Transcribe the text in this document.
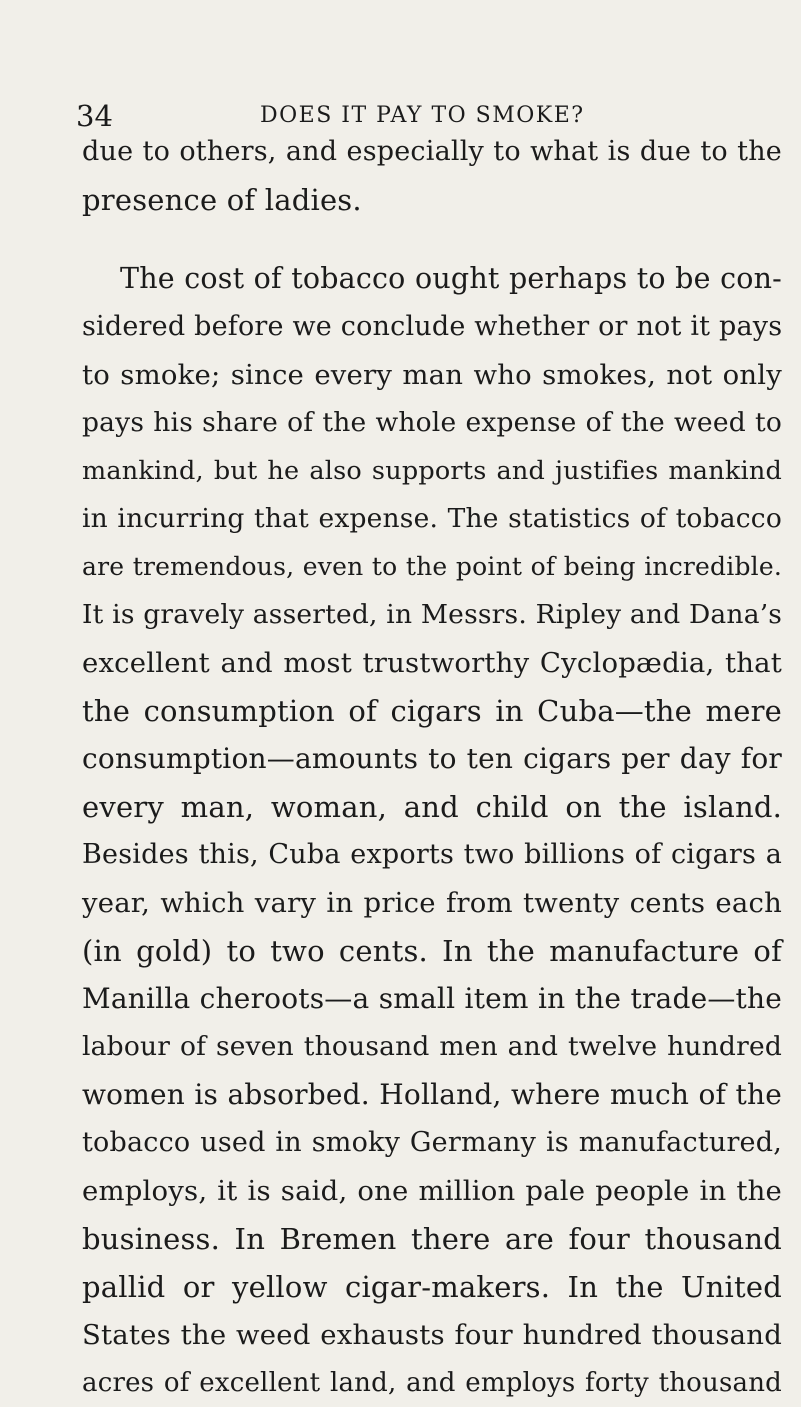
34	DOES IT PAY TO SMOKE?
due to others, and especially to what is due to the
presence of ladies.
The cost of tobacco ought perhaps to be con-
sidered before we conclude whether or not it pays
to smoke; since every man who smokes, not only
pays his share of the whole expense of the weed to
mankind, but he also supports and justifies mankind
in incurring that expense. The statistics of tobacco
are tremendous, even to the point of being incredible.
It is gravely asserted, in Messrs. Ripley and Dana’s
excellent and most trustworthy Cyclopædia, that
the consumption of cigars in Cuba—the mere
consumption—amounts to ten cigars per day for
every man, woman, and child on the island.
Besides this, Cuba exports two billions of cigars a
year, which vary in price from twenty cents each
(in gold) to two cents. In the manufacture of
Manilla cheroots—a small item in the trade—the
labour of seven thousand men and twelve hundred
women is absorbed. Holland, where much of the
tobacco used in smoky Germany is manufactured,
employs, it is said, one million pale people in the
business. In Bremen there are four thousand
pallid or yellow cigar-makers. In the United
States the weed exhausts four hundred thousand
acres of excellent land, and employs forty thousand
